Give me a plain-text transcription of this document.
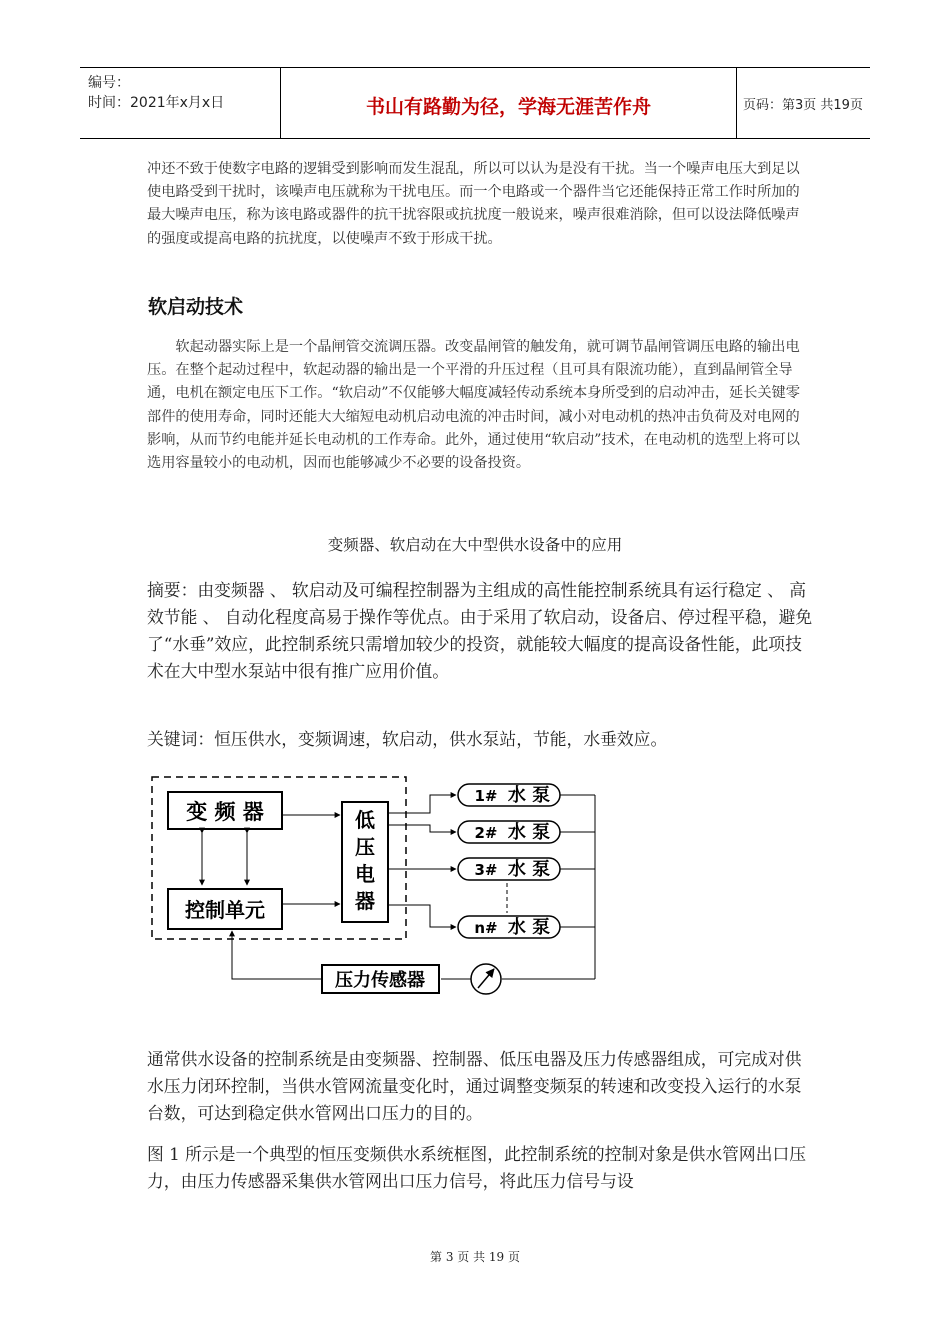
编号：
时间：2021年x月x日	书山有路勤为径，学海无涯苦作舟	页码：第3页 共19页

冲还不致于使数字电路的逻辑受到影响而发生混乱，所以可以认为是没有干扰。当一个噪声电压大到足以使电路受到干扰时，该噪声电压就称为干扰电压。而一个电路或一个器件当它还能保持正常工作时所加的最大噪声电压，称为该电路或器件的抗干扰容限或抗扰度一般说来，噪声很难消除，但可以设法降低噪声的强度或提高电路的抗扰度，以使噪声不致于形成干扰。

软启动技术

软起动器实际上是一个晶闸管交流调压器。改变晶闸管的触发角，就可调节晶闸管调压电路的输出电压。在整个起动过程中，软起动器的输出是一个平滑的升压过程（且可具有限流功能），直到晶闸管全导通，电机在额定电压下工作。“软启动”不仅能够大幅度减轻传动系统本身所受到的启动冲击，延长关键零部件的使用寿命，同时还能大大缩短电动机启动电流的冲击时间，减小对电动机的热冲击负荷及对电网的影响，从而节约电能并延长电动机的工作寿命。此外，通过使用“软启动”技术，在电动机的选型上将可以选用容量较小的电动机，因而也能够减少不必要的设备投资。

变频器、软启动在大中型供水设备中的应用

摘要：由变频器 、 软启动及可编程控制器为主组成的高性能控制系统具有运行稳定 、 高效节能 、 自动化程度高易于操作等优点。由于采用了软启动，设备启、停过程平稳，避免了“水垂”效应，此控制系统只需增加较少的投资，就能较大幅度的提高设备性能，此项技术在大中型水泵站中很有推广应用价值。

关键词：恒压供水，变频调速，软启动，供水泵站，节能，水垂效应。

变 频 器
控制单元
低
压
电
器
1# 水 泵
2# 水 泵
3# 水 泵
n# 水 泵
压力传感器

通常供水设备的控制系统是由变频器、控制器、低压电器及压力传感器组成，可完成对供水压力闭环控制，当供水管网流量变化时，通过调整变频泵的转速和改变投入运行的水泵台数，可达到稳定供水管网出口压力的目的。

图 1 所示是一个典型的恒压变频供水系统框图，此控制系统的控制对象是供水管网出口压力，由压力传感器采集供水管网出口压力信号，将此压力信号与设

第 3 页 共 19 页
